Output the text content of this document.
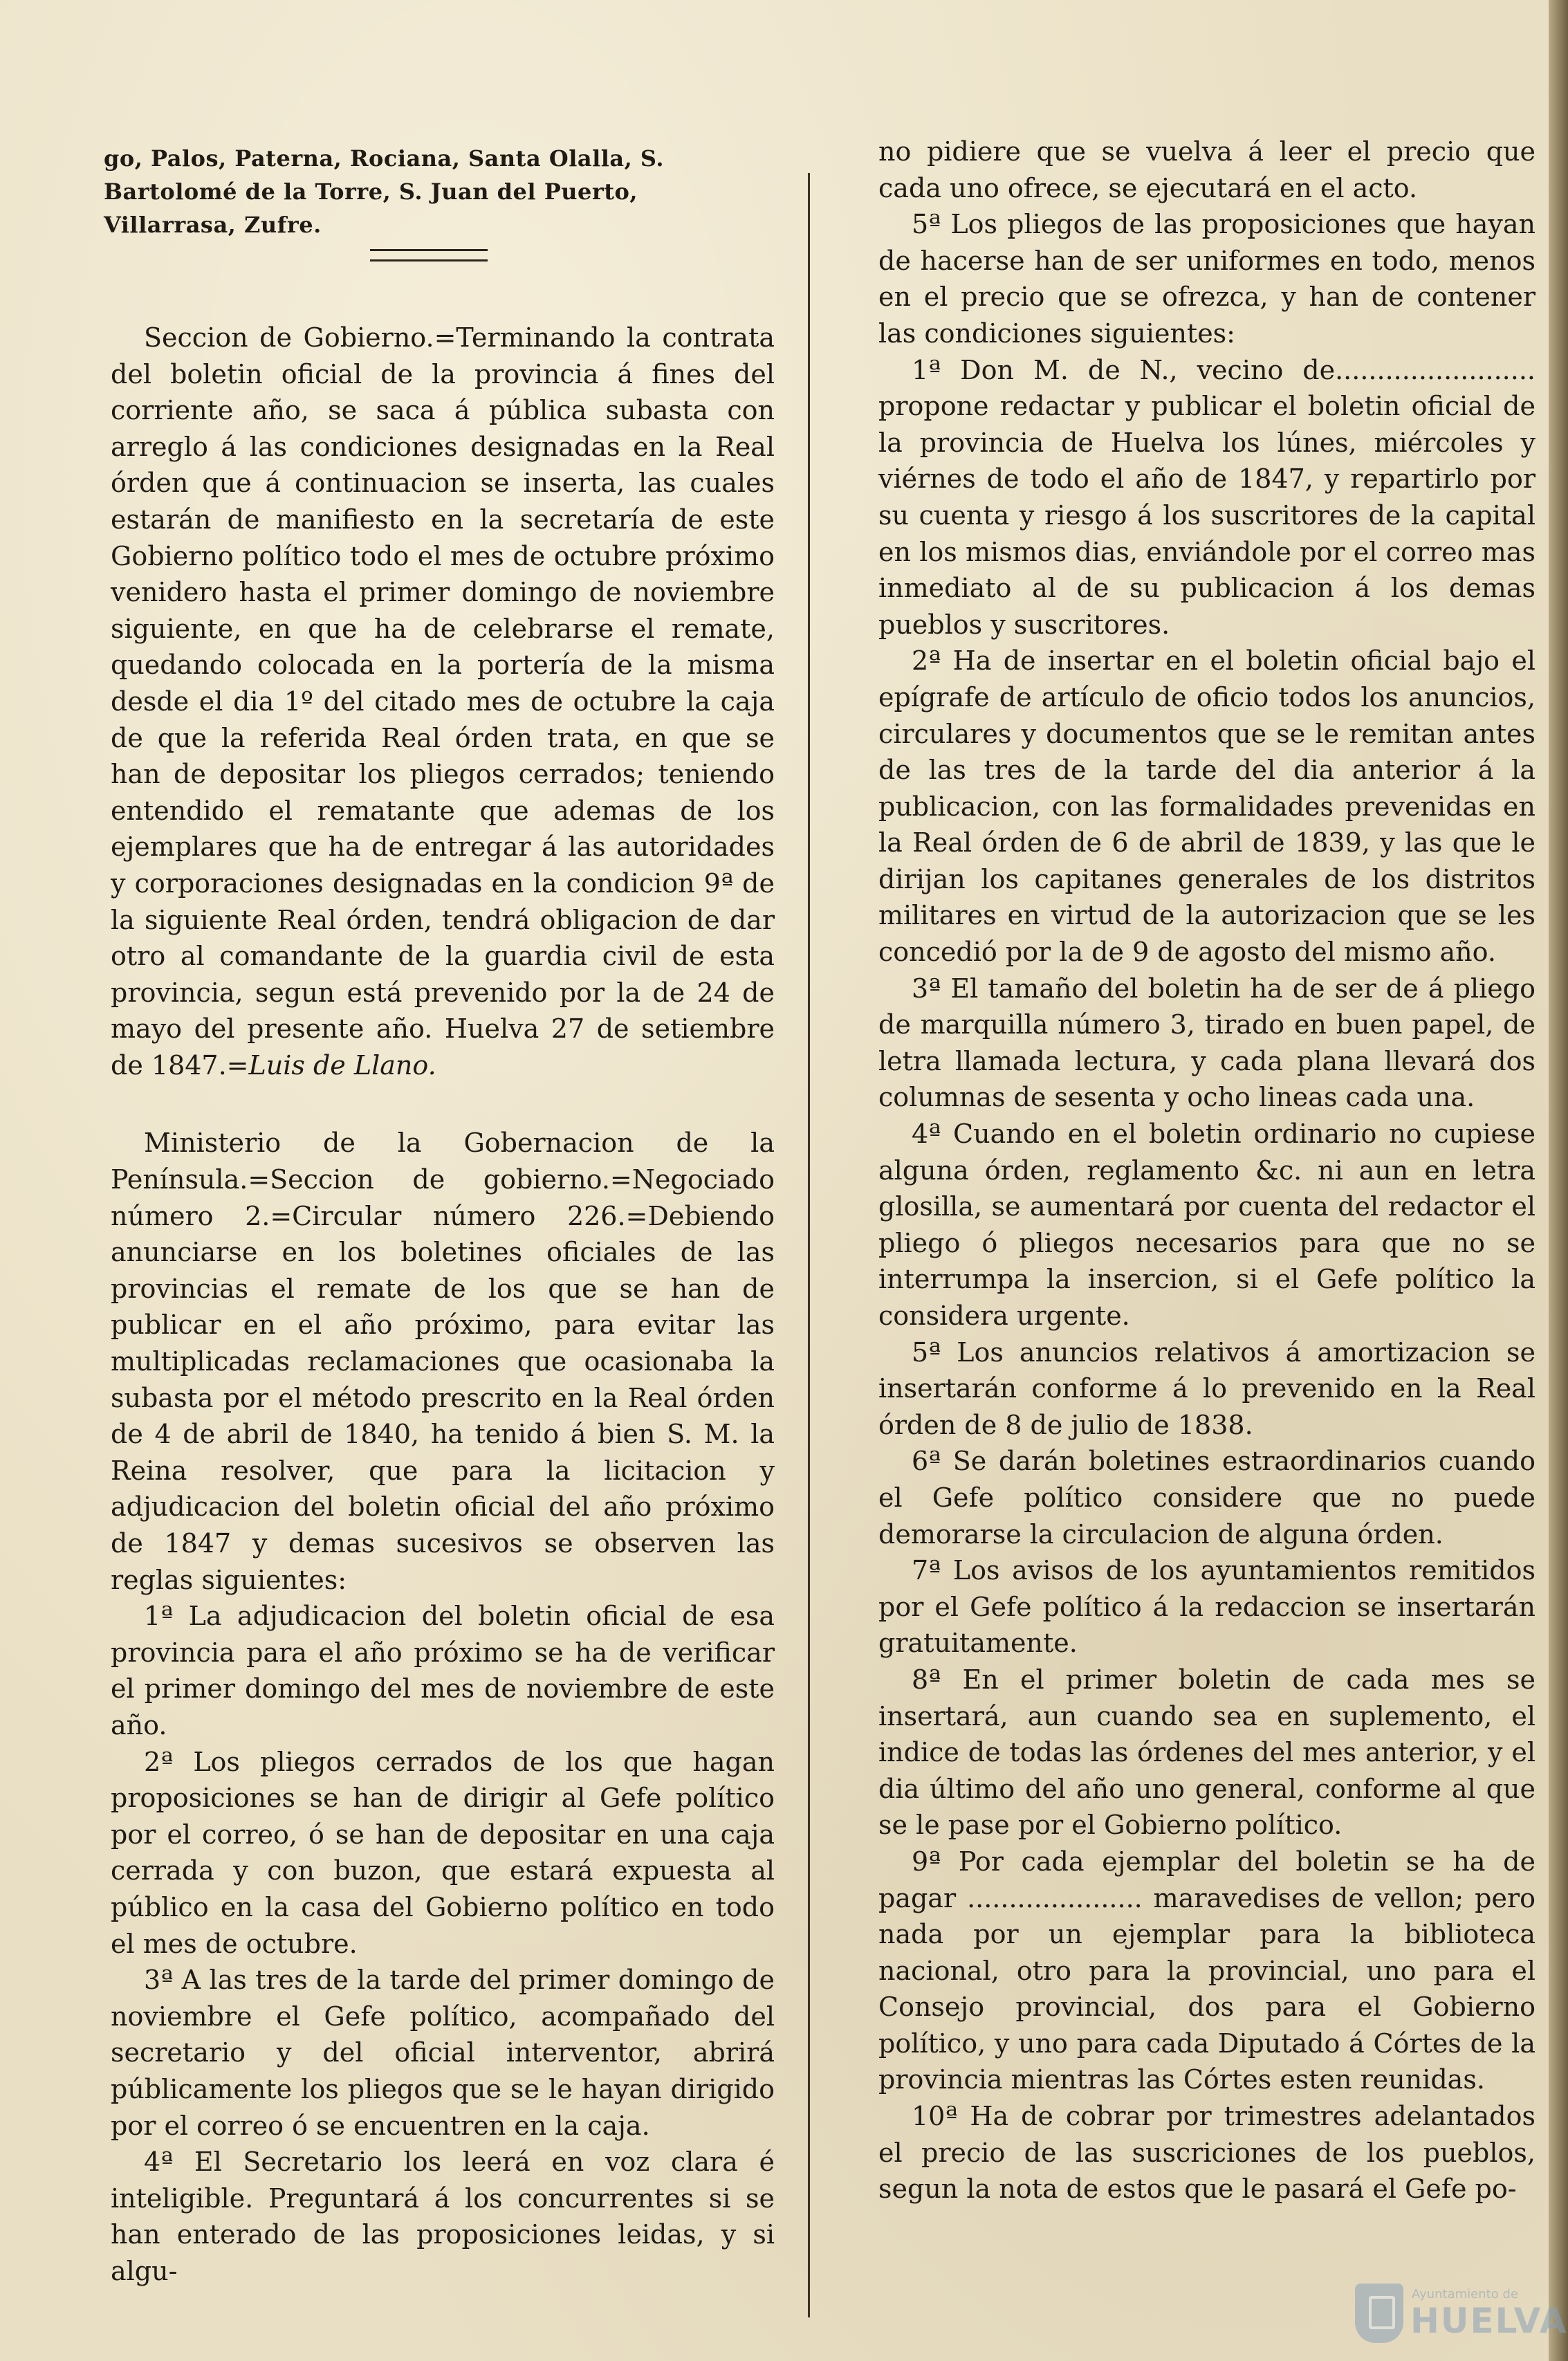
go, Palos, Paterna, Rociana, Santa Olalla, S. Bartolomé de la Torre, S. Juan del Puerto, Villarrasa, Zufre.

Seccion de Gobierno.=Terminando la contrata del boletin oficial de la provincia á fines del corriente año, se saca á pública subasta con arreglo á las condiciones designadas en la Real órden que á continuacion se inserta, las cuales estarán de manifiesto en la secretaría de este Gobierno político todo el mes de octubre próximo venidero hasta el primer domingo de noviembre siguiente, en que ha de celebrarse el remate, quedando colocada en la portería de la misma desde el dia 1º del citado mes de octubre la caja de que la referida Real órden trata, en que se han de depositar los pliegos cerrados; teniendo entendido el rematante que ademas de los ejemplares que ha de entregar á las autoridades y corporaciones designadas en la condicion 9ª de la siguiente Real órden, tendrá obligacion de dar otro al comandante de la guardia civil de esta provincia, segun está prevenido por la de 24 de mayo del presente año. Huelva 27 de setiembre de 1847.=Luis de Llano.

Ministerio de la Gobernacion de la Península.=Seccion de gobierno.=Negociado número 2.=Circular número 226.=Debiendo anunciarse en los boletines oficiales de las provincias el remate de los que se han de publicar en el año próximo, para evitar las multiplicadas reclamaciones que ocasionaba la subasta por el método prescrito en la Real órden de 4 de abril de 1840, ha tenido á bien S. M. la Reina resolver, que para la licitacion y adjudicacion del boletin oficial del año próximo de 1847 y demas sucesivos se observen las reglas siguientes:

1ª La adjudicacion del boletin oficial de esa provincia para el año próximo se ha de verificar el primer domingo del mes de noviembre de este año.

2ª Los pliegos cerrados de los que hagan proposiciones se han de dirigir al Gefe político por el correo, ó se han de depositar en una caja cerrada y con buzon, que estará expuesta al público en la casa del Gobierno político en todo el mes de octubre.

3ª A las tres de la tarde del primer domingo de noviembre el Gefe político, acompañado del secretario y del oficial interventor, abrirá públicamente los pliegos que se le hayan dirigido por el correo ó se encuentren en la caja.

4ª El Secretario los leerá en voz clara é inteligible. Preguntará á los concurrentes si se han enterado de las proposiciones leidas, y si algu-

no pidiere que se vuelva á leer el precio que cada uno ofrece, se ejecutará en el acto.

5ª Los pliegos de las proposiciones que hayan de hacerse han de ser uniformes en todo, menos en el precio que se ofrezca, y han de contener las condiciones siguientes:

1ª Don M. de N., vecino de........................ propone redactar y publicar el boletin oficial de la provincia de Huelva los lúnes, miércoles y viérnes de todo el año de 1847, y repartirlo por su cuenta y riesgo á los suscritores de la capital en los mismos dias, enviándole por el correo mas inmediato al de su publicacion á los demas pueblos y suscritores.

2ª Ha de insertar en el boletin oficial bajo el epígrafe de artículo de oficio todos los anuncios, circulares y documentos que se le remitan antes de las tres de la tarde del dia anterior á la publicacion, con las formalidades prevenidas en la Real órden de 6 de abril de 1839, y las que le dirijan los capitanes generales de los distritos militares en virtud de la autorizacion que se les concedió por la de 9 de agosto del mismo año.

3ª El tamaño del boletin ha de ser de á pliego de marquilla número 3, tirado en buen papel, de letra llamada lectura, y cada plana llevará dos columnas de sesenta y ocho lineas cada una.

4ª Cuando en el boletin ordinario no cupiese alguna órden, reglamento &c. ni aun en letra glosilla, se aumentará por cuenta del redactor el pliego ó pliegos necesarios para que no se interrumpa la insercion, si el Gefe político la considera urgente.

5ª Los anuncios relativos á amortizacion se insertarán conforme á lo prevenido en la Real órden de 8 de julio de 1838.

6ª Se darán boletines estraordinarios cuando el Gefe político considere que no puede demorarse la circulacion de alguna órden.

7ª Los avisos de los ayuntamientos remitidos por el Gefe político á la redaccion se insertarán gratuitamente.

8ª En el primer boletin de cada mes se insertará, aun cuando sea en suplemento, el indice de todas las órdenes del mes anterior, y el dia último del año uno general, conforme al que se le pase por el Gobierno político.

9ª Por cada ejemplar del boletin se ha de pagar ..................... maravedises de vellon; pero nada por un ejemplar para la biblioteca nacional, otro para la provincial, uno para el Consejo provincial, dos para el Gobierno político, y uno para cada Diputado á Córtes de la provincia mientras las Córtes esten reunidas.

10ª Ha de cobrar por trimestres adelantados el precio de las suscriciones de los pueblos, segun la nota de estos que le pasará el Gefe po-

Ayuntamiento de
HUELVA
